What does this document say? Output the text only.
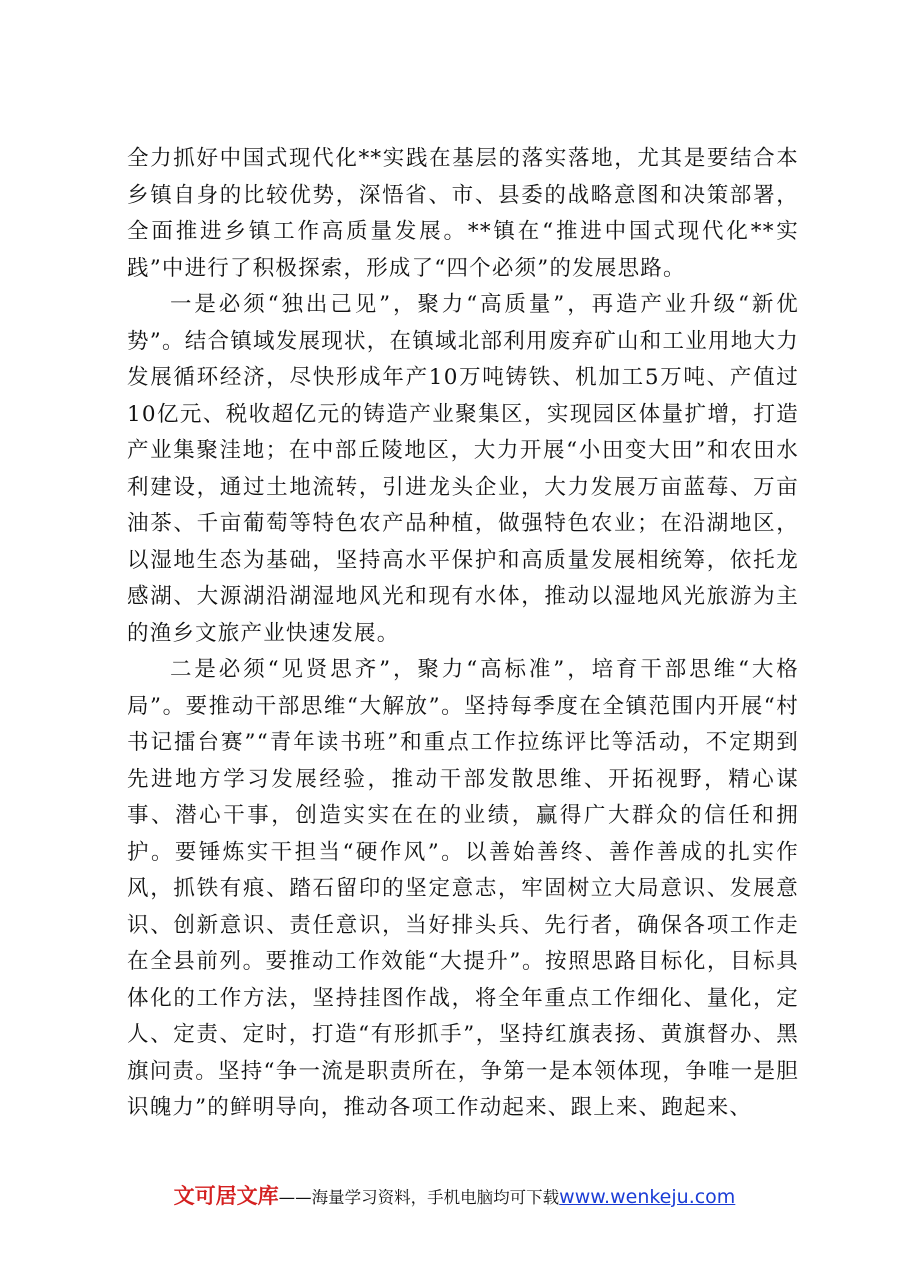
全力抓好中国式现代化**实践在基层的落实落地，尤其是要结合本乡镇自身的比较优势，深悟省、市、县委的战略意图和决策部署，全面推进乡镇工作高质量发展。**镇在“推进中国式现代化**实践”中进行了积极探索，形成了“四个必须”的发展思路。

一是必须“独出己见”，聚力“高质量”，再造产业升级“新优势”。结合镇域发展现状，在镇域北部利用废弃矿山和工业用地大力发展循环经济，尽快形成年产10万吨铸铁、机加工5万吨、产值过10亿元、税收超亿元的铸造产业聚集区，实现园区体量扩增，打造产业集聚洼地；在中部丘陵地区，大力开展“小田变大田”和农田水利建设，通过土地流转，引进龙头企业，大力发展万亩蓝莓、万亩油茶、千亩葡萄等特色农产品种植，做强特色农业；在沿湖地区，以湿地生态为基础，坚持高水平保护和高质量发展相统筹，依托龙感湖、大源湖沿湖湿地风光和现有水体，推动以湿地风光旅游为主的渔乡文旅产业快速发展。

二是必须“见贤思齐”，聚力“高标准”，培育干部思维“大格局”。要推动干部思维“大解放”。坚持每季度在全镇范围内开展“村书记擂台赛”“青年读书班”和重点工作拉练评比等活动，不定期到先进地方学习发展经验，推动干部发散思维、开拓视野，精心谋事、潜心干事，创造实实在在的业绩，赢得广大群众的信任和拥护。要锤炼实干担当“硬作风”。以善始善终、善作善成的扎实作风，抓铁有痕、踏石留印的坚定意志，牢固树立大局意识、发展意识、创新意识、责任意识，当好排头兵、先行者，确保各项工作走在全县前列。要推动工作效能“大提升”。按照思路目标化，目标具体化的工作方法，坚持挂图作战，将全年重点工作细化、量化，定人、定责、定时，打造“有形抓手”，坚持红旗表扬、黄旗督办、黑旗问责。坚持“争一流是职责所在，争第一是本领体现，争唯一是胆识魄力”的鲜明导向，推动各项工作动起来、跟上来、跑起来、

文可居文库——海量学习资料，手机电脑均可下载www.wenkeju.com
